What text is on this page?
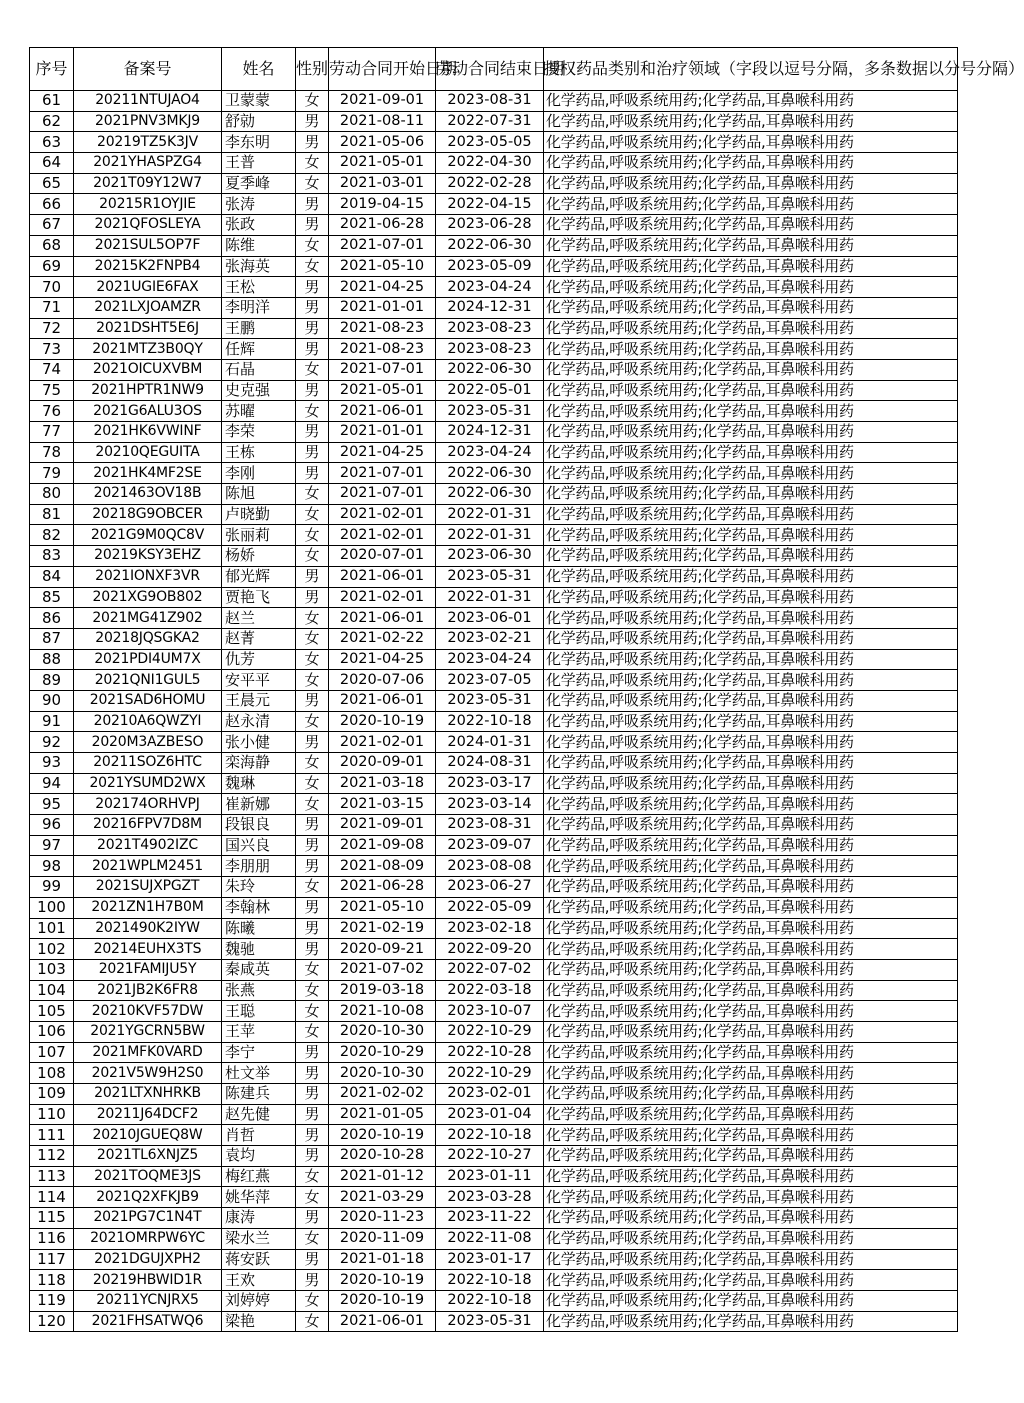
序号	备案号	姓名	性别	劳动合同开始日期	劳动合同结束日期	授权药品类别和治疗领域（字段以逗号分隔，多条数据以分号分隔）
61	20211NTUJAO4	卫蒙蒙	女	2021-09-01	2023-08-31	化学药品,呼吸系统用药;化学药品,耳鼻喉科用药
62	2021PNV3MKJ9	舒勍	男	2021-08-11	2022-07-31	化学药品,呼吸系统用药;化学药品,耳鼻喉科用药
63	20219TZ5K3JV	李东明	男	2021-05-06	2023-05-05	化学药品,呼吸系统用药;化学药品,耳鼻喉科用药
64	2021YHASPZG4	王普	女	2021-05-01	2022-04-30	化学药品,呼吸系统用药;化学药品,耳鼻喉科用药
65	2021T09Y12W7	夏季峰	女	2021-03-01	2022-02-28	化学药品,呼吸系统用药;化学药品,耳鼻喉科用药
66	20215R1OYJIE	张涛	男	2019-04-15	2022-04-15	化学药品,呼吸系统用药;化学药品,耳鼻喉科用药
67	2021QFOSLEYA	张政	男	2021-06-28	2023-06-28	化学药品,呼吸系统用药;化学药品,耳鼻喉科用药
68	2021SUL5OP7F	陈维	女	2021-07-01	2022-06-30	化学药品,呼吸系统用药;化学药品,耳鼻喉科用药
69	20215K2FNPB4	张海英	女	2021-05-10	2023-05-09	化学药品,呼吸系统用药;化学药品,耳鼻喉科用药
70	2021UGIE6FAX	王松	男	2021-04-25	2023-04-24	化学药品,呼吸系统用药;化学药品,耳鼻喉科用药
71	2021LXJOAMZR	李明洋	男	2021-01-01	2024-12-31	化学药品,呼吸系统用药;化学药品,耳鼻喉科用药
72	2021DSHT5E6J	王鹏	男	2021-08-23	2023-08-23	化学药品,呼吸系统用药;化学药品,耳鼻喉科用药
73	2021MTZ3B0QY	任辉	男	2021-08-23	2023-08-23	化学药品,呼吸系统用药;化学药品,耳鼻喉科用药
74	2021OICUXVBM	石晶	女	2021-07-01	2022-06-30	化学药品,呼吸系统用药;化学药品,耳鼻喉科用药
75	2021HPTR1NW9	史克强	男	2021-05-01	2022-05-01	化学药品,呼吸系统用药;化学药品,耳鼻喉科用药
76	2021G6ALU3OS	苏曜	女	2021-06-01	2023-05-31	化学药品,呼吸系统用药;化学药品,耳鼻喉科用药
77	2021HK6VWINF	李荣	男	2021-01-01	2024-12-31	化学药品,呼吸系统用药;化学药品,耳鼻喉科用药
78	20210QEGUITA	王栋	男	2021-04-25	2023-04-24	化学药品,呼吸系统用药;化学药品,耳鼻喉科用药
79	2021HK4MF2SE	李刚	男	2021-07-01	2022-06-30	化学药品,呼吸系统用药;化学药品,耳鼻喉科用药
80	2021463OV18B	陈旭	女	2021-07-01	2022-06-30	化学药品,呼吸系统用药;化学药品,耳鼻喉科用药
81	20218G9OBCER	卢晓勤	女	2021-02-01	2022-01-31	化学药品,呼吸系统用药;化学药品,耳鼻喉科用药
82	2021G9M0QC8V	张丽莉	女	2021-02-01	2022-01-31	化学药品,呼吸系统用药;化学药品,耳鼻喉科用药
83	20219KSY3EHZ	杨娇	女	2020-07-01	2023-06-30	化学药品,呼吸系统用药;化学药品,耳鼻喉科用药
84	2021IONXF3VR	郁光辉	男	2021-06-01	2023-05-31	化学药品,呼吸系统用药;化学药品,耳鼻喉科用药
85	2021XG9OB802	贾艳飞	男	2021-02-01	2022-01-31	化学药品,呼吸系统用药;化学药品,耳鼻喉科用药
86	2021MG41Z902	赵兰	女	2021-06-01	2023-06-01	化学药品,呼吸系统用药;化学药品,耳鼻喉科用药
87	20218JQSGKA2	赵菁	女	2021-02-22	2023-02-21	化学药品,呼吸系统用药;化学药品,耳鼻喉科用药
88	2021PDI4UM7X	仇芳	女	2021-04-25	2023-04-24	化学药品,呼吸系统用药;化学药品,耳鼻喉科用药
89	2021QNI1GUL5	安平平	女	2020-07-06	2023-07-05	化学药品,呼吸系统用药;化学药品,耳鼻喉科用药
90	2021SAD6HOMU	王晨元	男	2021-06-01	2023-05-31	化学药品,呼吸系统用药;化学药品,耳鼻喉科用药
91	20210A6QWZYI	赵永清	女	2020-10-19	2022-10-18	化学药品,呼吸系统用药;化学药品,耳鼻喉科用药
92	2020M3AZBESO	张小健	男	2021-02-01	2024-01-31	化学药品,呼吸系统用药;化学药品,耳鼻喉科用药
93	20211SOZ6HTC	栾海静	女	2020-09-01	2024-08-31	化学药品,呼吸系统用药;化学药品,耳鼻喉科用药
94	2021YSUMD2WX	魏琳	女	2021-03-18	2023-03-17	化学药品,呼吸系统用药;化学药品,耳鼻喉科用药
95	202174ORHVPJ	崔新娜	女	2021-03-15	2023-03-14	化学药品,呼吸系统用药;化学药品,耳鼻喉科用药
96	20216FPV7D8M	段银良	男	2021-09-01	2023-08-31	化学药品,呼吸系统用药;化学药品,耳鼻喉科用药
97	2021T4902IZC	国兴良	男	2021-09-08	2023-09-07	化学药品,呼吸系统用药;化学药品,耳鼻喉科用药
98	2021WPLM2451	李朋朋	男	2021-08-09	2023-08-08	化学药品,呼吸系统用药;化学药品,耳鼻喉科用药
99	2021SUJXPGZT	朱玲	女	2021-06-28	2023-06-27	化学药品,呼吸系统用药;化学药品,耳鼻喉科用药
100	2021ZN1H7B0M	李翰林	男	2021-05-10	2022-05-09	化学药品,呼吸系统用药;化学药品,耳鼻喉科用药
101	2021490K2IYW	陈曦	男	2021-02-19	2023-02-18	化学药品,呼吸系统用药;化学药品,耳鼻喉科用药
102	20214EUHX3TS	魏驰	男	2020-09-21	2022-09-20	化学药品,呼吸系统用药;化学药品,耳鼻喉科用药
103	2021FAMIJU5Y	秦咸英	女	2021-07-02	2022-07-02	化学药品,呼吸系统用药;化学药品,耳鼻喉科用药
104	2021JB2K6FR8	张燕	女	2019-03-18	2022-03-18	化学药品,呼吸系统用药;化学药品,耳鼻喉科用药
105	20210KVF57DW	王聪	女	2021-10-08	2023-10-07	化学药品,呼吸系统用药;化学药品,耳鼻喉科用药
106	2021YGCRN5BW	王苹	女	2020-10-30	2022-10-29	化学药品,呼吸系统用药;化学药品,耳鼻喉科用药
107	2021MFK0VARD	李宁	男	2020-10-29	2022-10-28	化学药品,呼吸系统用药;化学药品,耳鼻喉科用药
108	2021V5W9H2S0	杜文举	男	2020-10-30	2022-10-29	化学药品,呼吸系统用药;化学药品,耳鼻喉科用药
109	2021LTXNHRKB	陈建兵	男	2021-02-02	2023-02-01	化学药品,呼吸系统用药;化学药品,耳鼻喉科用药
110	20211J64DCF2	赵先健	男	2021-01-05	2023-01-04	化学药品,呼吸系统用药;化学药品,耳鼻喉科用药
111	20210JGUEQ8W	肖哲	男	2020-10-19	2022-10-18	化学药品,呼吸系统用药;化学药品,耳鼻喉科用药
112	2021TL6XNJZ5	袁均	男	2020-10-28	2022-10-27	化学药品,呼吸系统用药;化学药品,耳鼻喉科用药
113	2021TOQME3JS	梅红燕	女	2021-01-12	2023-01-11	化学药品,呼吸系统用药;化学药品,耳鼻喉科用药
114	2021Q2XFKJB9	姚华萍	女	2021-03-29	2023-03-28	化学药品,呼吸系统用药;化学药品,耳鼻喉科用药
115	2021PG7C1N4T	康涛	男	2020-11-23	2023-11-22	化学药品,呼吸系统用药;化学药品,耳鼻喉科用药
116	2021OMRPW6YC	梁水兰	女	2020-11-09	2022-11-08	化学药品,呼吸系统用药;化学药品,耳鼻喉科用药
117	2021DGUJXPH2	蒋安跃	男	2021-01-18	2023-01-17	化学药品,呼吸系统用药;化学药品,耳鼻喉科用药
118	20219HBWID1R	王欢	男	2020-10-19	2022-10-18	化学药品,呼吸系统用药;化学药品,耳鼻喉科用药
119	20211YCNJRX5	刘婷婷	女	2020-10-19	2022-10-18	化学药品,呼吸系统用药;化学药品,耳鼻喉科用药
120	2021FHSATWQ6	梁艳	女	2021-06-01	2023-05-31	化学药品,呼吸系统用药;化学药品,耳鼻喉科用药
